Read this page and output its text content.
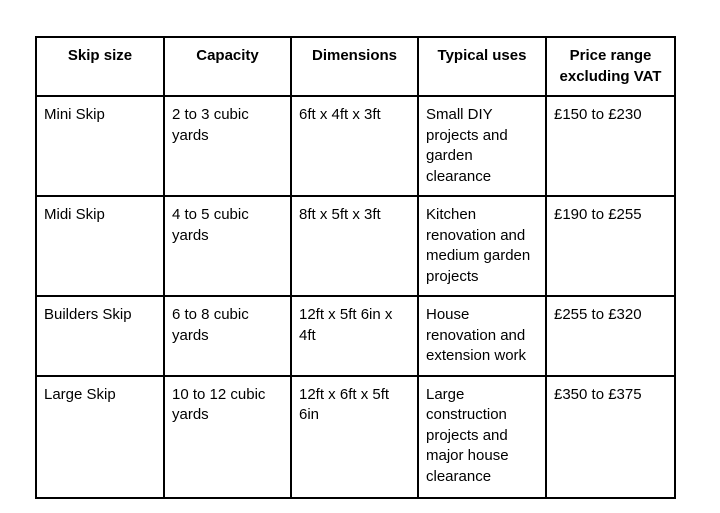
Skip size	Capacity	Dimensions	Typical uses	Price range excluding VAT
Mini Skip	2 to 3 cubic yards	6ft x 4ft x 3ft	Small DIY projects and garden clearance	£150 to £230
Midi Skip	4 to 5 cubic yards	8ft x 5ft x 3ft	Kitchen renovation and medium garden projects	£190 to £255
Builders Skip	6 to 8 cubic yards	12ft x 5ft 6in x 4ft	House renovation and extension work	£255 to £320
Large Skip	10 to 12 cubic yards	12ft x 6ft x 5ft 6in	Large construction projects and major house clearance	£350 to £375
